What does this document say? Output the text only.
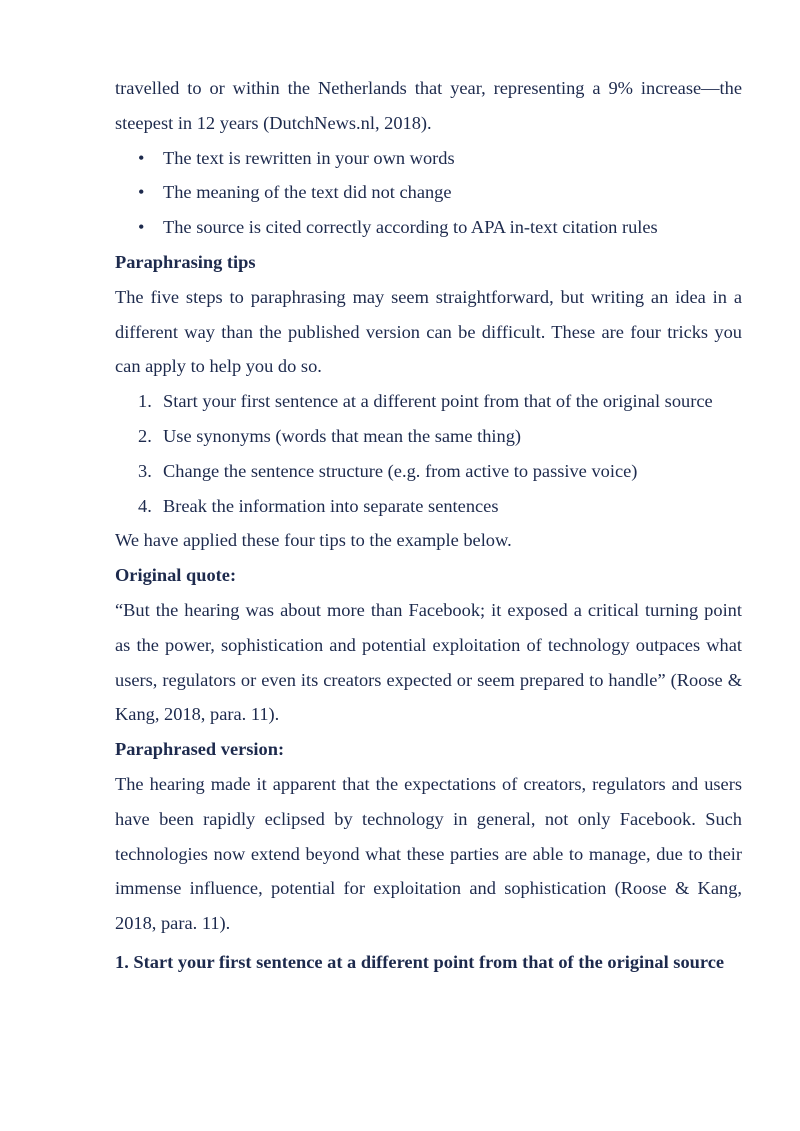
travelled to or within the Netherlands that year, representing a 9% increase—the steepest in 12 years (DutchNews.nl, 2018).

• The text is rewritten in your own words
• The meaning of the text did not change
• The source is cited correctly according to APA in-text citation rules

Paraphrasing tips

The five steps to paraphrasing may seem straightforward, but writing an idea in a different way than the published version can be difficult. These are four tricks you can apply to help you do so.

1. Start your first sentence at a different point from that of the original source
2. Use synonyms (words that mean the same thing)
3. Change the sentence structure (e.g. from active to passive voice)
4. Break the information into separate sentences

We have applied these four tips to the example below.

Original quote:

“But the hearing was about more than Facebook; it exposed a critical turning point as the power, sophistication and potential exploitation of technology outpaces what users, regulators or even its creators expected or seem prepared to handle” (Roose & Kang, 2018, para. 11).

Paraphrased version:

The hearing made it apparent that the expectations of creators, regulators and users have been rapidly eclipsed by technology in general, not only Facebook. Such technologies now extend beyond what these parties are able to manage, due to their immense influence, potential for exploitation and sophistication (Roose & Kang, 2018, para. 11).

1. Start your first sentence at a different point from that of the original source
